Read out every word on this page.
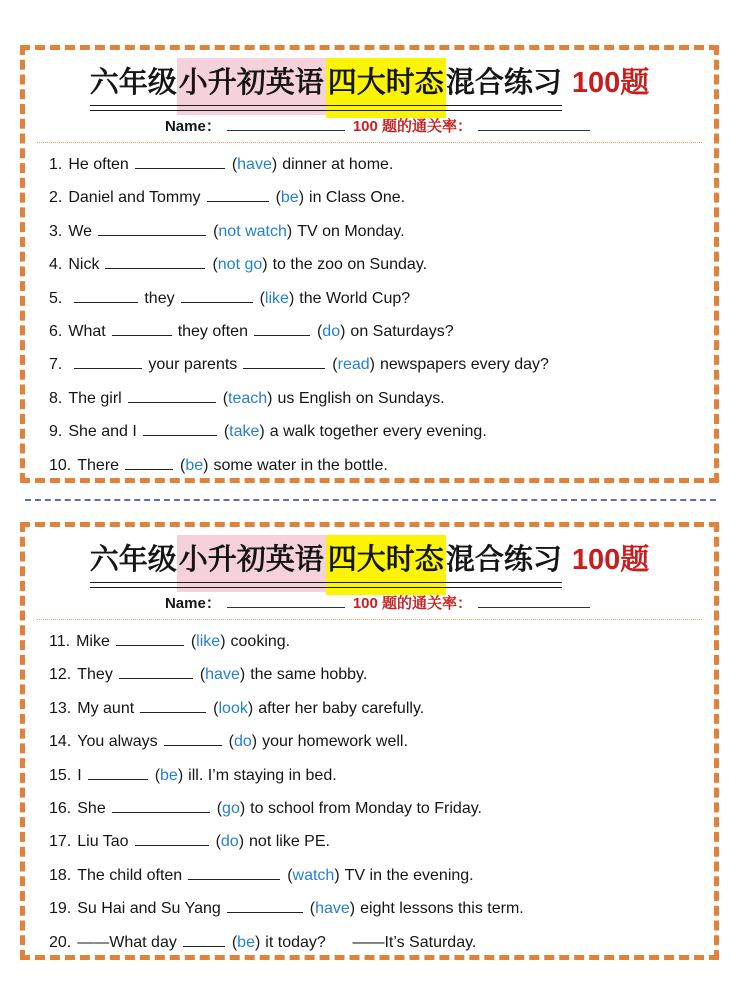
六年级小升初英语 四大时态混合练习 100题
Name：	100 题的通关率：
1. He often	(have) dinner at home.
2. Daniel and Tommy	(be) in Class One.
3. We	(not watch) TV on Monday.
4. Nick	(not go) to the zoo on Sunday.
5.	they	(like) the World Cup?
6. What	they often	(do) on Saturdays?
7.	your parents	(read) newspapers every day?
8. The girl	(teach) us English on Sundays.
9. She and I	(take) a walk together every evening.
10. There	(be) some water in the bottle.
六年级小升初英语 四大时态混合练习 100题
Name：	100 题的通关率：
11. Mike	(like) cooking.
12. They	(have) the same hobby.
13. My aunt	(look) after her baby carefully.
14. You always	(do) your homework well.
15. I	(be) ill. I’m staying in bed.
16. She	(go) to school from Monday to Friday.
17. Liu Tao	(do) not like PE.
18. The child often	(watch) TV in the evening.
19. Su Hai and Su Yang	(have) eight lessons this term.
20. ——What day	(be) it today?      ——It’s Saturday.
